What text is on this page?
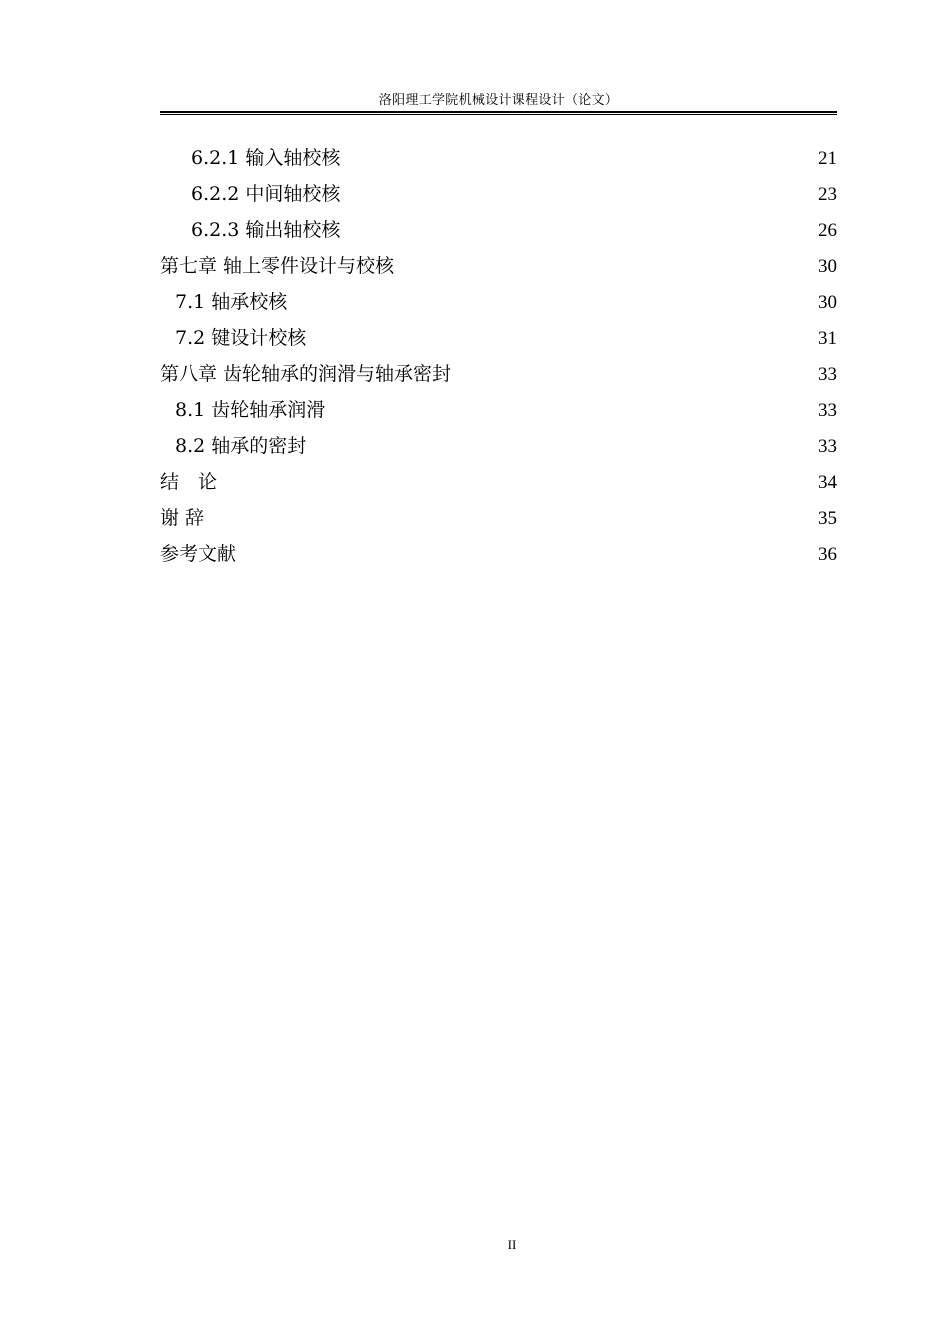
洛阳理工学院机械设计课程设计（论文）
6.2.1 输入轴校核	21
6.2.2 中间轴校核	23
6.2.3 输出轴校核	26
第七章 轴上零件设计与校核	30
7.1 轴承校核	30
7.2 键设计校核	31
第八章 齿轮轴承的润滑与轴承密封	33
8.1 齿轮轴承润滑	33
8.2 轴承的密封	33
结　论	34
谢 辞	35
参考文献	36
II
